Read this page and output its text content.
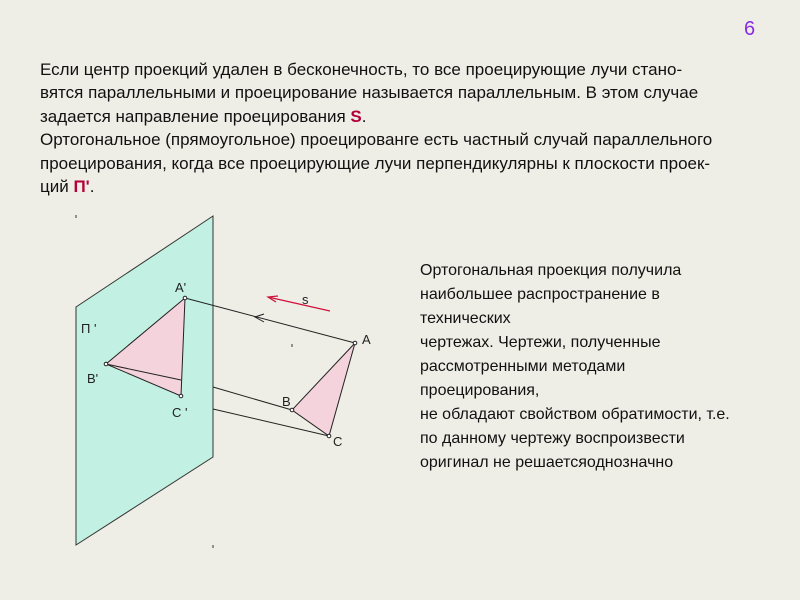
6
Если центр проекций удален в бесконечность, то все проецирующие лучи стано-
вятся параллельными и проецирование называется параллельным. В этом случае
задается направление проецирования S.
Ортогональное (прямоугольное) проецированге есть частный случай параллельного
проецирования, когда все проецирующие лучи перпендикулярны к плоскости проек-
ций П'.
П '
А'
В'
С '
А
В
С
s
Ортогональная проекция получила
наибольшее распространение в
технических
чертежах. Чертежи, полученные
рассмотренными методами
проецирования,
не обладают свойством обратимости, т.е.
по данному чертежу воспроизвести
оригинал не решаетсяоднозначно
